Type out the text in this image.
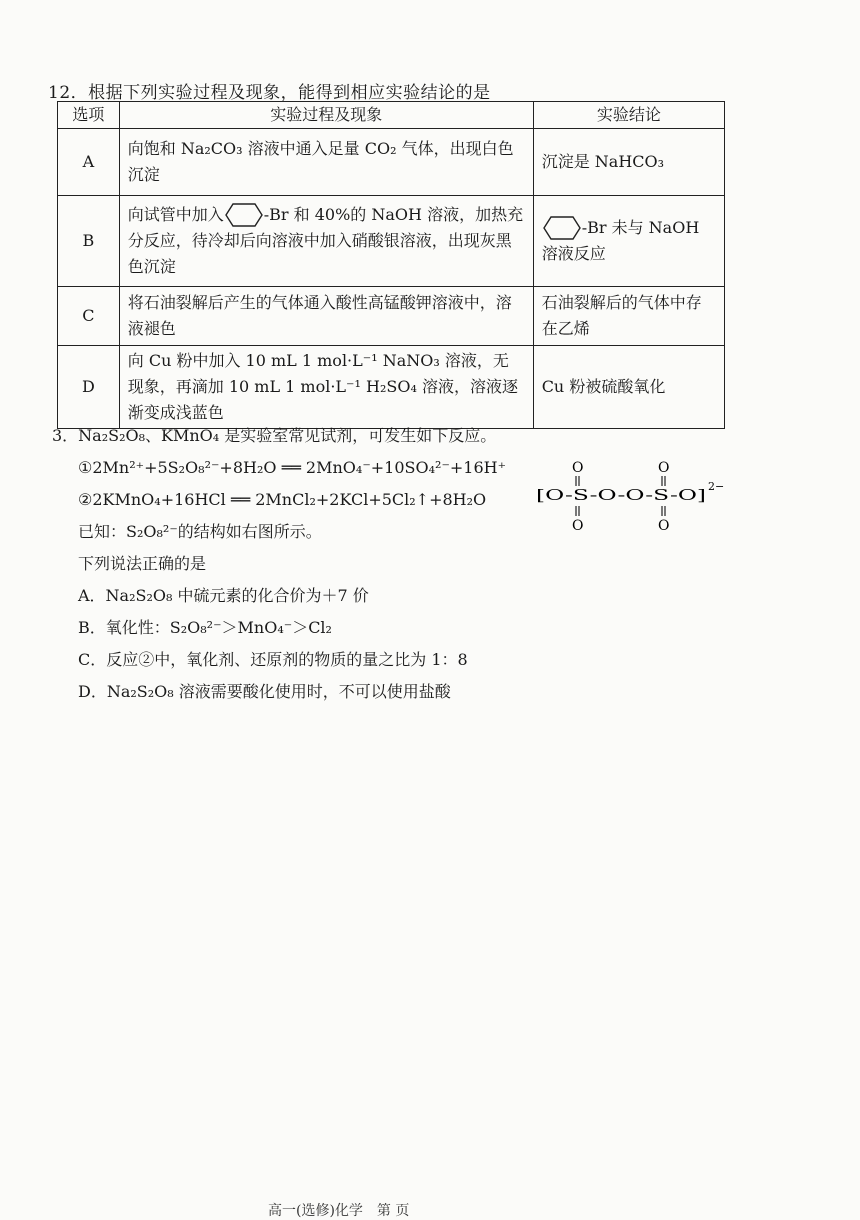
12．根据下列实验过程及现象，能得到相应实验结论的是
选项	实验过程及现象	实验结论
A	向饱和 Na₂CO₃ 溶液中通入足量 CO₂ 气体，出现白色沉淀	沉淀是 NaHCO₃
B	向试管中加入 -Br 和 40%的 NaOH 溶液，加热充分反应，待冷却后向溶液中加入硝酸银溶液，出现灰黑色沉淀	-Br 未与 NaOH 溶液反应
C	将石油裂解后产生的气体通入酸性高锰酸钾溶液中，溶液褪色	石油裂解后的气体中存在乙烯
D	向 Cu 粉中加入 10 mL 1 mol·L⁻¹ NaNO₃ 溶液，无现象，再滴加 10 mL 1 mol·L⁻¹ H₂SO₄ 溶液，溶液逐渐变成浅蓝色	Cu 粉被硫酸氧化
3．Na₂S₂O₈、KMnO₄ 是实验室常见试剂，可发生如下反应。
①2Mn²⁺+5S₂O₈²⁻+8H₂O ══ 2MnO₄⁻+10SO₄²⁻+16H⁺
②2KMnO₄+16HCl ══ 2MnCl₂+2KCl+5Cl₂↑+8H₂O
已知：S₂O₈²⁻的结构如右图所示。
下列说法正确的是
A．Na₂S₂O₈ 中硫元素的化合价为＋7 价
B．氧化性：S₂O₈²⁻＞MnO₄⁻＞Cl₂
C．反应②中，氧化剂、还原剂的物质的量之比为 1：8
D．Na₂S₂O₈ 溶液需要酸化使用时，不可以使用盐酸
O	O
[O-S-O-O-S-O] 2−
O	O
高一(选修)化学　第 页
